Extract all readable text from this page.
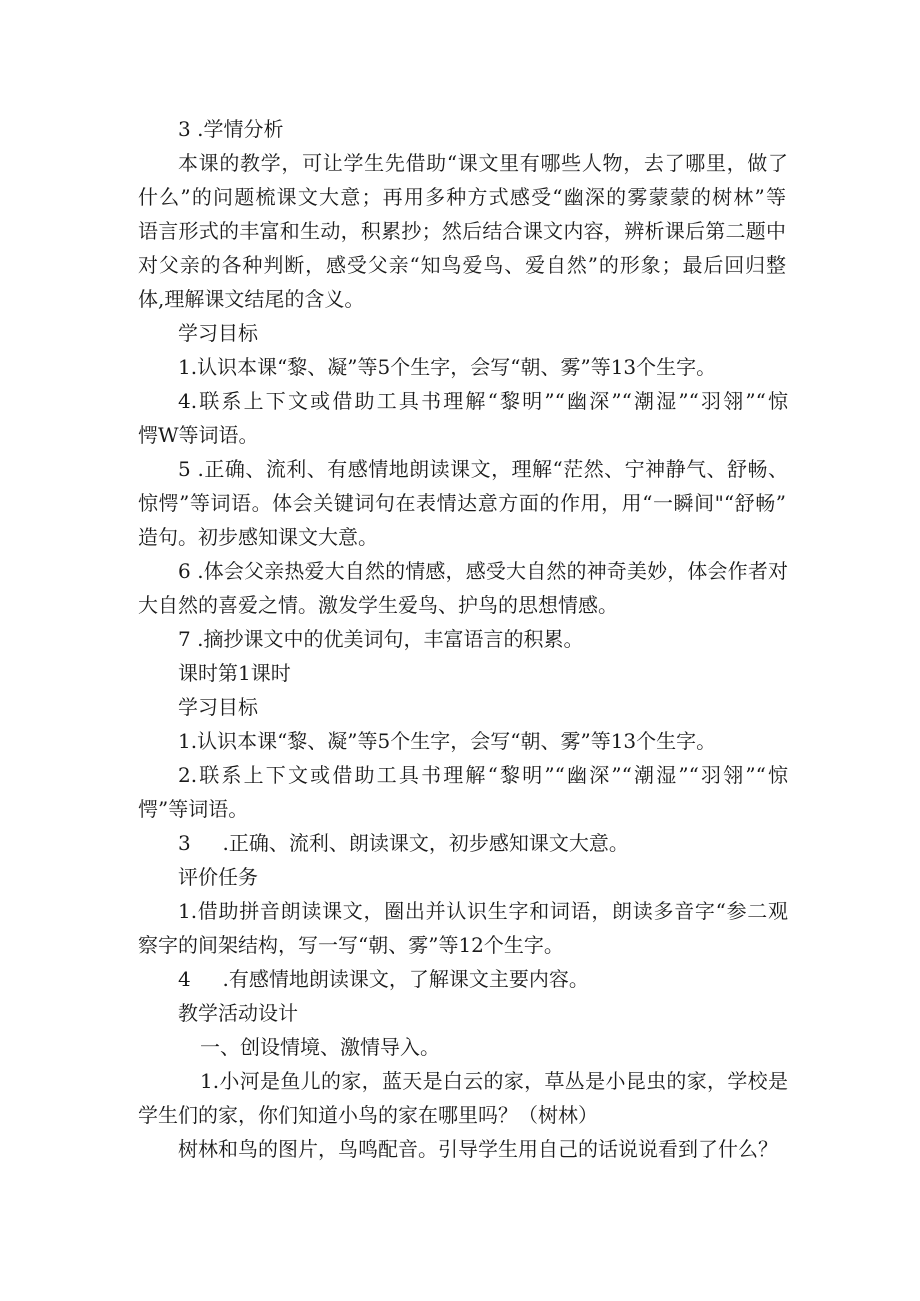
3 .学情分析
本课的教学，可让学生先借助“课文里有哪些人物，去了哪里，做了
什么”的问题梳课文大意；再用多种方式感受“幽深的雾蒙蒙的树林”等
语言形式的丰富和生动，积累抄；然后结合课文内容，辨析课后第二题中
对父亲的各种判断，感受父亲“知鸟爱鸟、爱自然”的形象；最后回归整
体,理解课文结尾的含义。
学习目标
1.认识本课“黎、凝”等5个生字，会写“朝、雾”等13个生字。
4.联系上下文或借助工具书理解“黎明”“幽深”“潮湿”“羽翎”“惊
愕W等词语。
5 .正确、流利、有感情地朗读课文，理解“茫然、宁神静气、舒畅、
惊愕”等词语。体会关键词句在表情达意方面的作用，用“一瞬间"“舒畅”
造句。初步感知课文大意。
6 .体会父亲热爱大自然的情感，感受大自然的神奇美妙，体会作者对
大自然的喜爱之情。激发学生爱鸟、护鸟的思想情感。
7 .摘抄课文中的优美词句，丰富语言的积累。
课时第1课时
学习目标
1.认识本课“黎、凝”等5个生字，会写“朝、雾”等13个生字。
2.联系上下文或借助工具书理解“黎明”“幽深”“潮湿”“羽翎”“惊
愕”等词语。
3     .正确、流利、朗读课文，初步感知课文大意。
评价任务
1.借助拼音朗读课文，圈出并认识生字和词语，朗读多音字“参二观
察字的间架结构，写一写“朝、雾”等12个生字。
4     .有感情地朗读课文，了解课文主要内容。
教学活动设计
一、创设情境、激情导入。
1.小河是鱼儿的家，蓝天是白云的家，草丛是小昆虫的家，学校是
学生们的家，你们知道小鸟的家在哪里吗？（树林）
树林和鸟的图片，鸟鸣配音。引导学生用自己的话说说看到了什么？
